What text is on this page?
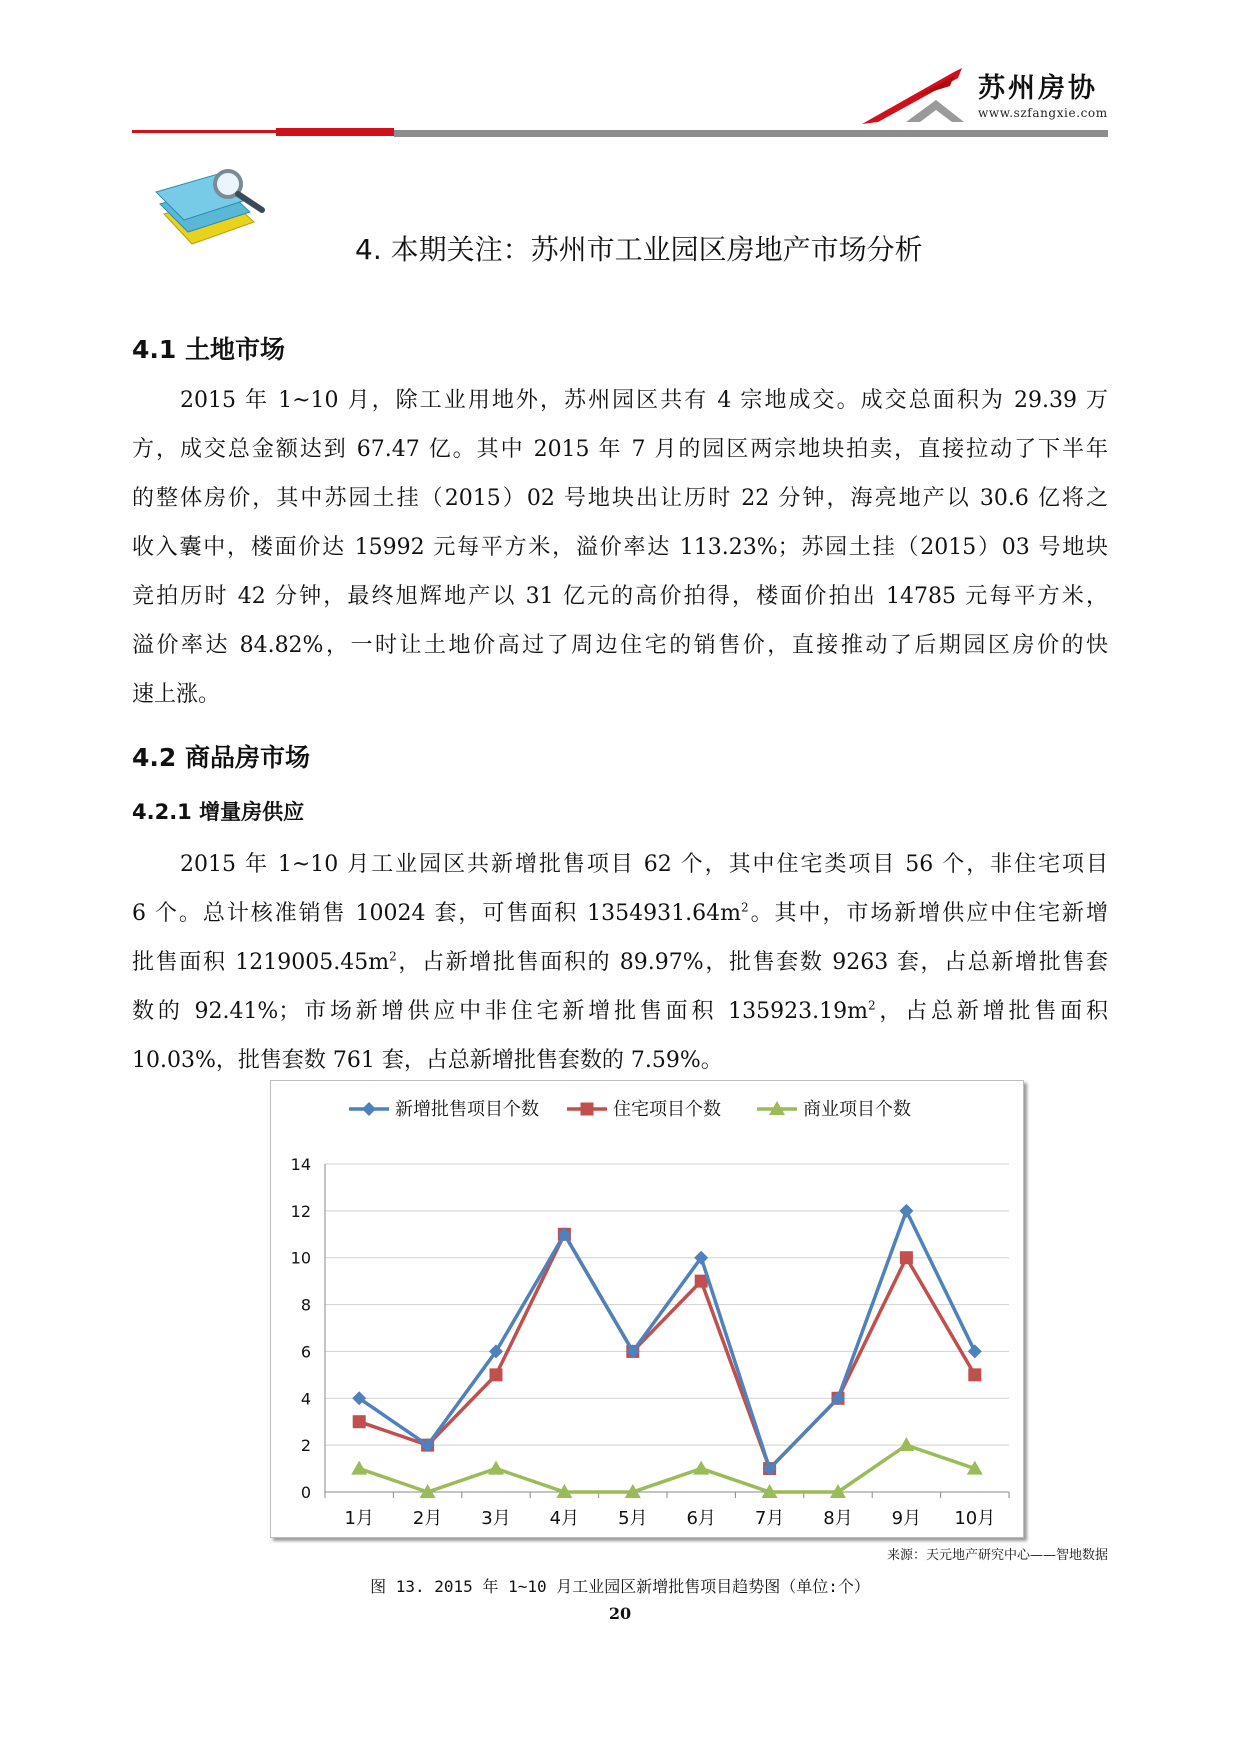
苏州房协
www.szfangxie.com
4. 本期关注：苏州市工业园区房地产市场分析
4.1 土地市场
2015 年 1~10 月，除工业用地外，苏州园区共有 4 宗地成交。成交总面积为 29.39 万
方，成交总金额达到 67.47 亿。其中 2015 年 7 月的园区两宗地块拍卖，直接拉动了下半年
的整体房价，其中苏园土挂（2015）02 号地块出让历时 22 分钟，海亮地产以 30.6 亿将之
收入囊中，楼面价达 15992 元每平方米，溢价率达 113.23%；苏园土挂（2015）03 号地块
竞拍历时 42 分钟，最终旭辉地产以 31 亿元的高价拍得，楼面价拍出 14785 元每平方米，
溢价率达 84.82%，一时让土地价高过了周边住宅的销售价，直接推动了后期园区房价的快
速上涨。
4.2 商品房市场
4.2.1 增量房供应
2015 年 1~10 月工业园区共新增批售项目 62 个，其中住宅类项目 56 个，非住宅项目
6 个。总计核准销售 10024 套，可售面积 $1354931.64m^2$。其中，市场新增供应中住宅新增
批售面积 $1219005.45m^2$，占新增批售面积的 89.97%，批售套数 9263 套，占总新增批售套
数的 92.41%；市场新增供应中非住宅新增批售面积 $135923.19m^2$，占总新增批售面积
10.03%，批售套数 761 套，占总新增批售套数的 7.59%。
0
2
4
6
8
10
12
14
1月 2月 3月 4月 5月 6月 7月 8月 9月 10月
新增批售项目个数	住宅项目个数	商业项目个数
来源：天元地产研究中心——智地数据
图 13. 2015 年 1~10 月工业园区新增批售项目趋势图（单位:个）
20
